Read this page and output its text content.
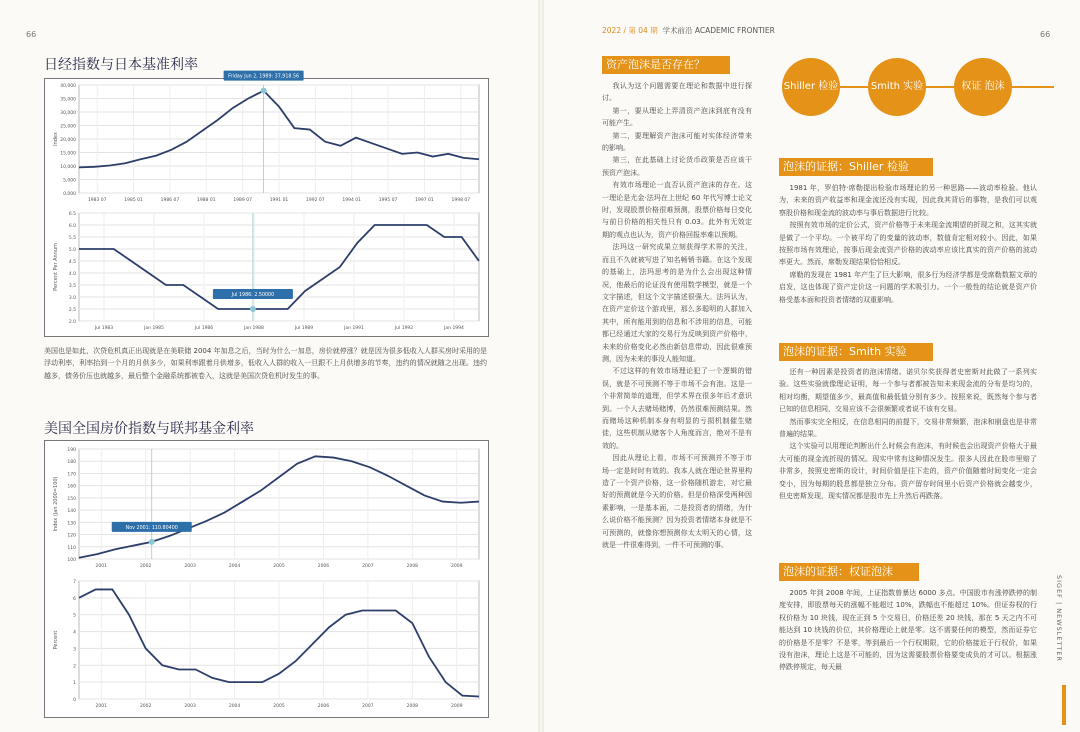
66	66
日经指数与日本基准利率
0,000
5,000
10,000
15,000
20,000
25,000
30,000
35,000
40,000
1983 07	1985 01	1986 07	1988 01	1989 07	1991 01	1992 07	1994 01	1995 07	1997 01	1998 07
Index
Friday Jun 2, 1989: 37,918.56
2.0
2.5
3.0
3.5
4.0
4.5
5.0
5.5
6.0
6.5
Jul 1983	Jan 1985	Jul 1986	Jan 1988	Jul 1989	Jan 1991	Jul 1992	Jan 1994
Percent Per Annum
Jul 1986: 2.50000

美国也是如此，次贷危机真正出现就是在美联储 2004 年加息之后，当时为什么一加息，房价就停涨？就是因为很多低收入人群买房时采用的是浮动利率，利率抬到一个月的月供多少，如果利率跟着月供增多，低收入人群的收入一旦跟不上月供增多的节奏，违约的情况就随之出现。违约越多，债务价压也就越多，最后整个金融系统都被卷入，这就是美国次贷危机时发生的事。

美国全国房价指数与联邦基金利率
100
110
120
130
140
150
160
170
180
190
2001	2002	2003	2004	2005	2006	2007	2008	2009
Index (Jan 2000=100)	Nov 2001: 110.80400
0
1
2
3
4
5
6
7
2001	2002	2003	2004	2005	2006	2007	2008	2009
Percent
2022 / 第 04 期 学术前沿 ACADEMIC FRONTIER
资产泡沫是否存在？

我认为这个问题需要在理论和数据中进行探讨。

第一，要从理论上弄清资产泡沫到底有没有可能产生。

第二，要理解资产泡沫可能对实体经济带来的影响。

第三，在此基础上讨论货币政策是否应该干预资产泡沫。

有效市场理论一直否认资产泡沫的存在。这一理论是尤金·法玛在上世纪 60 年代写博士论文时，发现股票价格很难预测，股票价格每日变化与前日价格的相关性只有 0.03。此外有无效定期的观点也认为，资产价格回报率难以预期。

法玛这一研究成果立刻获得学术界的关注，而且不久就被写进了知名畅销书籍。在这个发现的基础上，法玛思考的是为什么会出现这种情况，他最后的论证没有使用数学模型，就是一个文字描述，但这个文字描述很强大。法玛认为，在资产定价这个游戏里，那么多聪明的人群加入其中，所有能用到的信息和不涉用的信息，可能都已经通过大家的交易行为反映到资产价格中，未来的价格变化必然由新信息带动，因此很难预测，因为未来的事没人能知道。

不过这样的有效市场理论犯了一个逻辑的错误，就是不可预测不等于市场不会有泡。这是一个非常简单的道理，但学术界在很多年后才意识到。一个人去赌场赌博，仍然很难预测结果。然而赌场这种机制本身有明显的亏损机制催生赌徒，这些机制从赌客个人角度而言，绝对不是有效的。

因此从理论上看，市场不可预测并不等于市场一定是时时有效的。我本人就在理论世界里构造了一个资产价格，这一价格随机游走，对它最好的预测就是今天的价格。但是价格深受两种因素影响，一是基本面，二是投资者的情绪，为什么说价格不能预测？因为投资者情绪本身就是不可预测的，就像你想预测你太太明天的心情，这就是一件很难得到，一件不可预测的事。

Shiller 检验	Smith 实验	权证 泡沫
泡沫的证据：Shiller 检验

1981 年，罗伯特·席勒提出检验市场理论的另一种思路——波动率检验。他认为，未来的资产收益率和现金流还没有实现，因此我其背后的事物，是我们可以观察股价格和现金流的波动率与事后数据进行比较。

按照有效市场的定价公式，资产价格等于未来现金流期望的折现之和，这其实就是做了一个平均。一个被平均了的变量的波动率，数值肯定相对较小。因此，如果按照市场有效理论，按事后现金流资产价格的波动率应该比真实的资产价格的波动率更大。然而，席勒发现结果恰恰相反。

席勒的发现在 1981 年产生了巨大影响，很多行为经济学都是受席勒数据文章的启发，这也体现了资产定价这一问题的学术吸引力。一个一般性的结论就是资产价格受基本面和投资者情绪的双重影响。

泡沫的证据：Smith 实验

还有一种因素是投资者的泡沫情绪。诺贝尔奖获得者史密斯对此做了一系列实验。这些实验就像理论证明，每一个参与者都被告知未来现金流的分布是均匀的，相对均衡，期望值多少，最高值和最低值分别有多少。按照来说，既然每个参与者已知的信息相同，交易应该不会很频繁或者说不该有交易。

然而事实完全相反，在信息相同的前提下，交易非常频繁，泡沫和崩盘也是非常普遍的结果。

这个实验可以用理论判断出什么时候会有泡沫，有时候也会出现资产价格大于最大可能的现金流折现的情况。现实中常有这种情况发生。很多人因此在股市里赔了非常多，按照史密斯的设计，时间价值是往下走的，资产价值随着时间变化一定会变小，因为每期的股息都是独立分布。资产留存时间里小后资产价格就会越变少，但史密斯发现，现实情况都是股市先上升然后再跌落。

泡沫的证据：权证泡沫

2005 年到 2008 年间，上证指数曾暴达 6000 多点。中国股市有涨停跌停的制度安排，即股票每天的涨幅不能超过 10%，跌幅也不能超过 10%。但证券权的行权价格为 10 块钱，现在正到 5 个交易日，价格还差 20 块钱，那在 5 天之内不可能达到 10 块钱的价位，其价格理论上就是零。这不需要任何的模型，然而证券它的价格是不是零？不是零，等到最后一个行权期限，它的价格接近于行权价，如果没有泡沫，理论上这是不可能的，因为这需要股票价格要变成负的才可以。根据涨停跌停规定，每天最

SIGEF | NEWSLETTER
